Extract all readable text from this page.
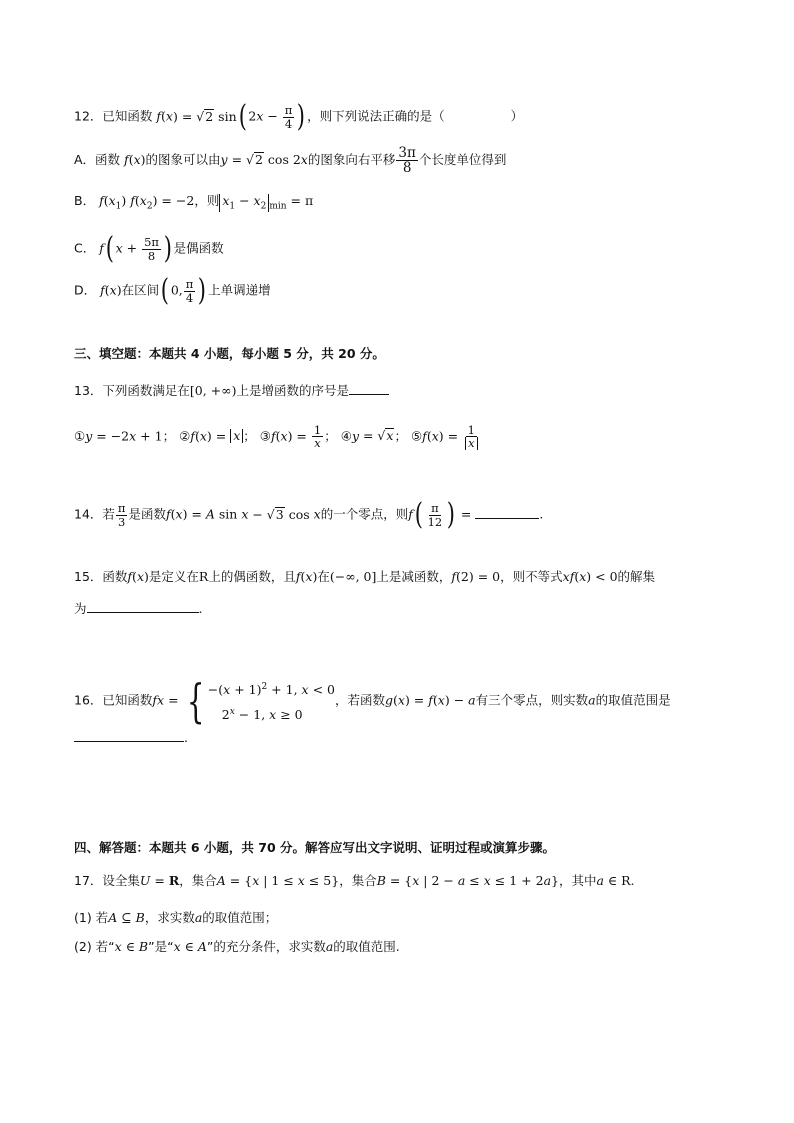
12．已知函数 f(x) = √2 sin( $2x - \frac{\pi}{4}$ ) ，则下列说法正确的是（	）
A．函数 f(x)的图象可以由y = √2 cos 2x的图象向右平移 $\frac{3\pi}{8}$ 个长度单位得到
B． $f(x_1) f(x_2) = -2$，则 $x_1 - x_2$ $_{min}$ = π
C． f( $x + \frac{5\pi}{8}$ ) 是偶函数
D． f(x)在区间( 0, $\frac{\pi}{4}$ ) 上单调递增
三、填空题：本题共 4 小题，每小题 5 分，共 20 分。
13．下列函数满足在[0, +∞)上是增函数的序号是
①y = −2x + 1； ②f(x) = x ； ③f(x) = $\frac{1}{x}$ ； ④y = √x； ⑤f(x) = $\frac{1}{x}$
14．若 $\frac{\pi}{3}$ 是函数f(x) = A sin x − √3 cos x的一个零点，则$f( \frac{\pi}{12}$ ) =	.
15．函数f(x)是定义在R上的偶函数，且f(x)在(−∞, 0]上是减函数，f(2) = 0，则不等式xf(x) < 0的解集
为	.
16．已知函数fx = { $-(x + 1)^2 + 1$, x < 0
$2^x - 1$, x ≥ 0
，若函数g(x) = f(x) − a有三个零点，则实数a的取值范围是
.
四、解答题：本题共 6 小题，共 70 分。解答应写出文字说明、证明过程或演算步骤。
17．设全集U = R，集合A = {x | 1 ≤ x ≤ 5}，集合B = {x | 2 − a ≤ x ≤ 1 + 2a}，其中a ∈ R.
(1) 若A ⊆ B，求实数a的取值范围；
(2) 若“x ∈ B”是“x ∈ A”的充分条件，求实数a的取值范围.
